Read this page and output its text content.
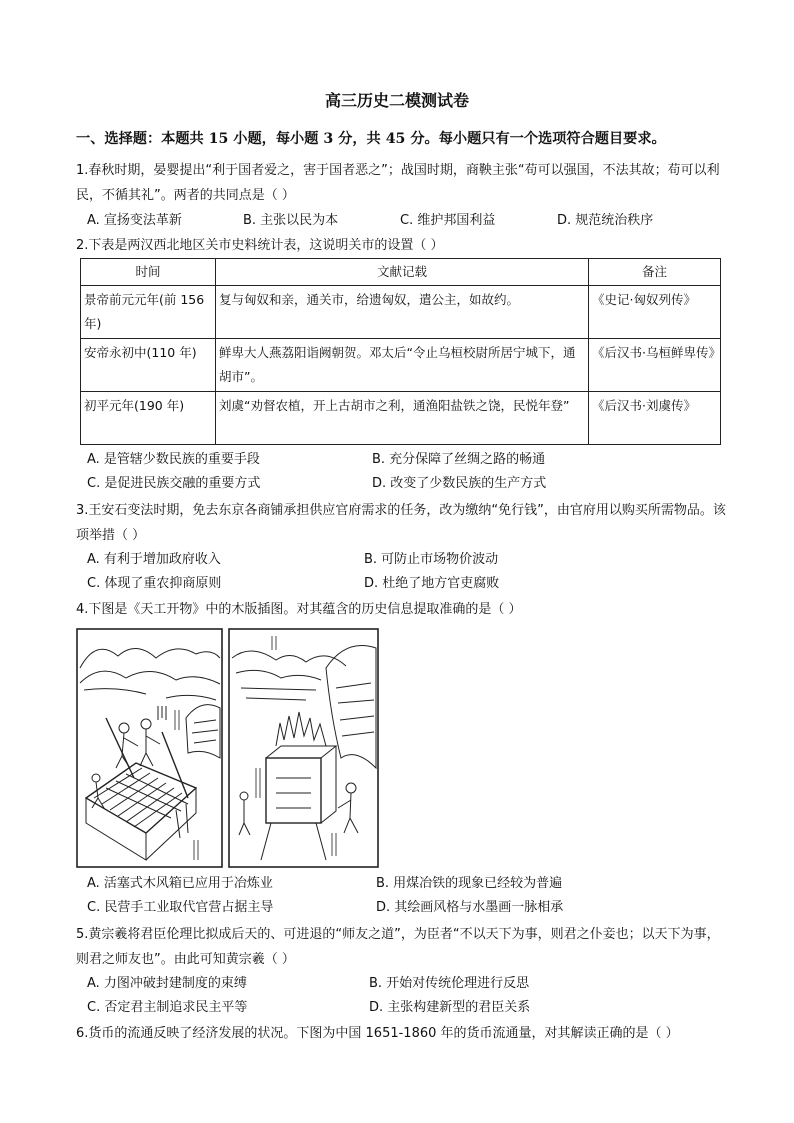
高三历史二模测试卷
一、选择题：本题共 15 小题，每小题 3 分，共 45 分。每小题只有一个选项符合题目要求。
1.春秋时期，晏婴提出“利于国者爱之，害于国者恶之”；战国时期，商鞅主张“苟可以强国，不法其故；苟可以利民，不循其礼”。两者的共同点是（ ）
A. 宣扬变法革新	B. 主张以民为本	C. 维护邦国利益	D. 规范统治秩序
2.下表是两汉西北地区关市史料统计表，这说明关市的设置（ ）
时间	文献记载	备注
景帝前元元年(前 156 年)	复与匈奴和亲，通关市，给遗匈奴，遣公主，如故约。	《史记·匈奴列传》
安帝永初中(110 年)	鲜卑大人燕荔阳诣阙朝贺。邓太后“令止乌桓校尉所居宁城下，通胡市”。	《后汉书·乌桓鲜卑传》
初平元年(190 年)	刘虞“劝督农植，开上古胡市之利，通渔阳盐铁之饶，民悦年登”	《后汉书·刘虞传》
A. 是管辖少数民族的重要手段	B. 充分保障了丝绸之路的畅通
C. 是促进民族交融的重要方式	D. 改变了少数民族的生产方式
3.王安石变法时期，免去东京各商铺承担供应官府需求的任务，改为缴纳“免行钱”，由官府用以购买所需物品。该项举措（ ）
A. 有利于增加政府收入	B. 可防止市场物价波动
C. 体现了重农抑商原则	D. 杜绝了地方官吏腐败
4.下图是《天工开物》中的木版插图。对其蕴含的历史信息提取准确的是（ ）
A. 活塞式木风箱已应用于冶炼业	B. 用煤冶铁的现象已经较为普遍
C. 民营手工业取代官营占据主导	D. 其绘画风格与水墨画一脉相承
5.黄宗羲将君臣伦理比拟成后天的、可进退的“师友之道”，为臣者“不以天下为事，则君之仆妾也；以天下为事，则君之师友也”。由此可知黄宗羲（ ）
A. 力图冲破封建制度的束缚	B. 开始对传统伦理进行反思
C. 否定君主制追求民主平等	D. 主张构建新型的君臣关系
6.货币的流通反映了经济发展的状况。下图为中国 1651-1860 年的货币流通量，对其解读正确的是（ ）
